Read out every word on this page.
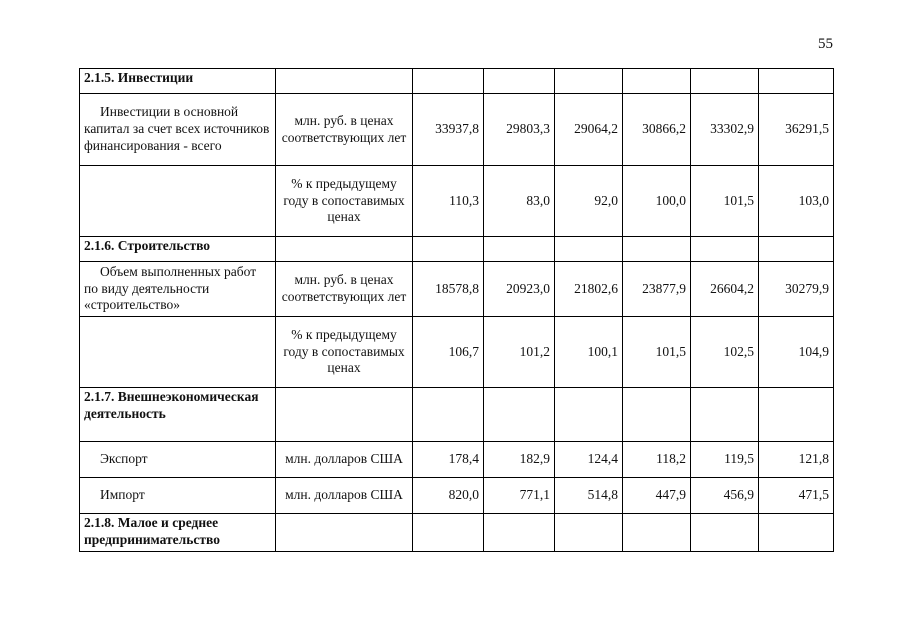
55
2.1.5. Инвестиции							
Инвестиции в основной капитал за счет всех источников финансирования - всего	млн. руб. в ценах соответствующих лет	33937,8	29803,3	29064,2	30866,2	33302,9	36291,5
	% к предыдущему году в сопоставимых ценах	110,3	83,0	92,0	100,0	101,5	103,0
2.1.6. Строительство							
Объем выполненных работ по виду деятельности «строительство»	млн. руб. в ценах соответствующих лет	18578,8	20923,0	21802,6	23877,9	26604,2	30279,9
	% к предыдущему году в сопоставимых ценах	106,7	101,2	100,1	101,5	102,5	104,9
2.1.7. Внешнеэкономическая деятельность							
Экспорт	млн. долларов США	178,4	182,9	124,4	118,2	119,5	121,8
Импорт	млн. долларов США	820,0	771,1	514,8	447,9	456,9	471,5
2.1.8. Малое и среднее предпринимательство							
